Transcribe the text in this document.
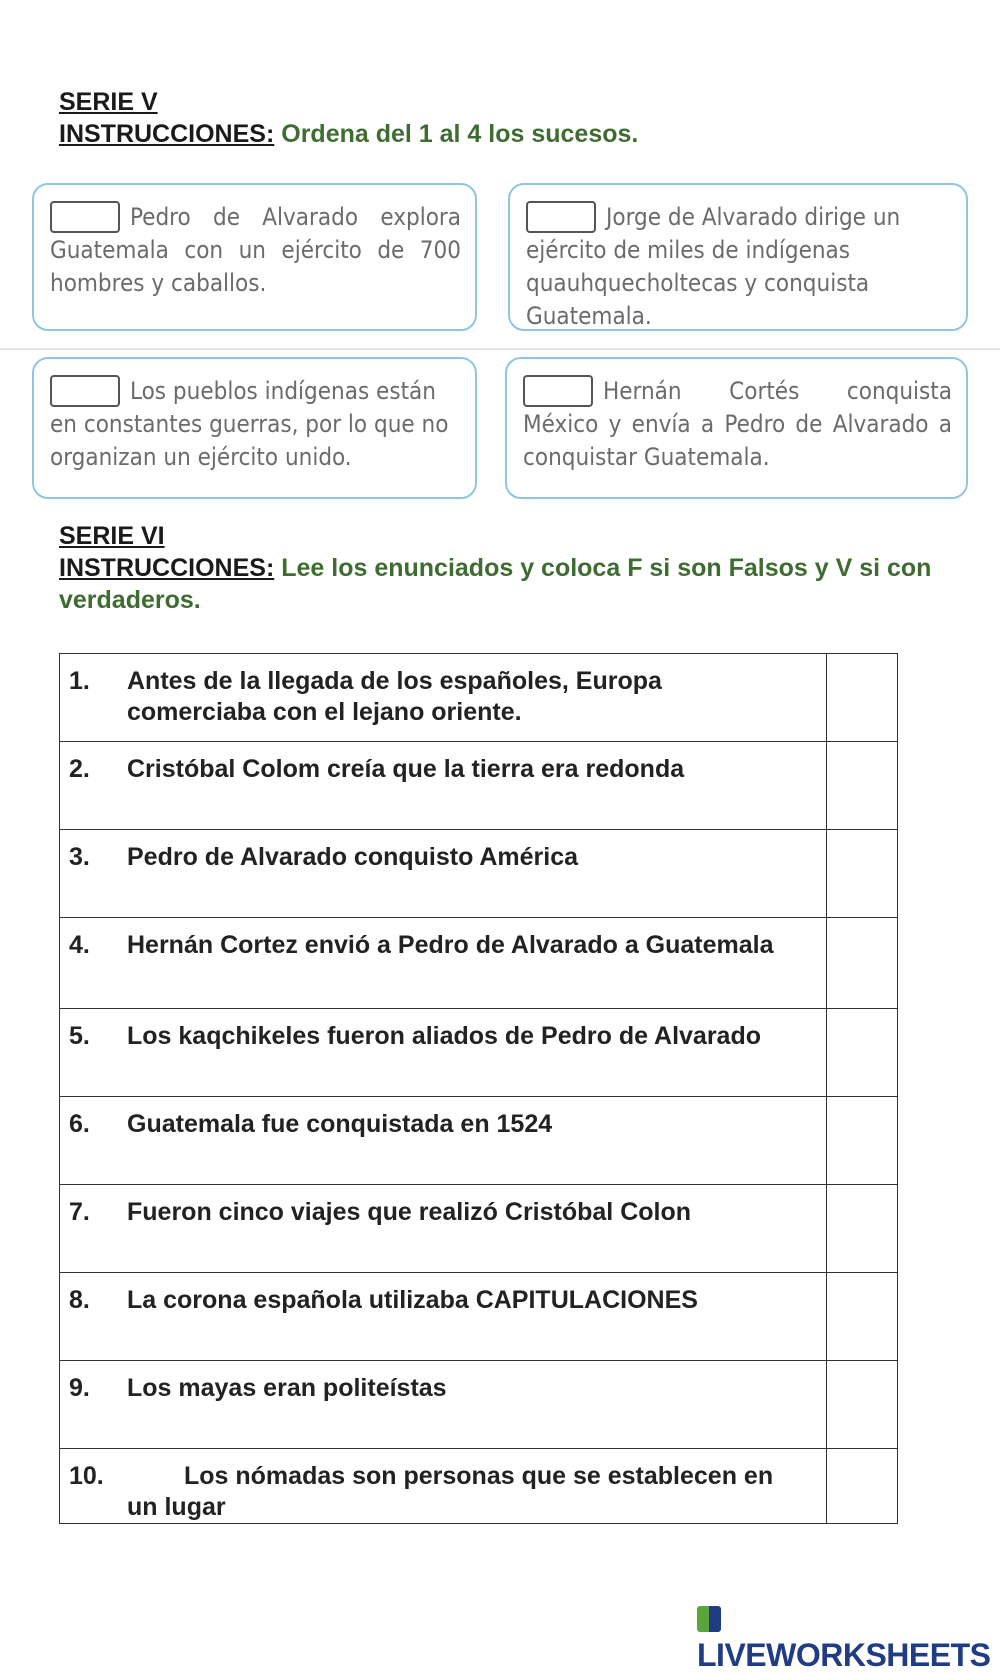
SERIE V
INSTRUCCIONES: Ordena del 1 al 4 los sucesos.
Pedro de Alvarado explora Guatemala con un ejército de 700 hombres y caballos.
Jorge de Alvarado dirige un ejército de miles de indígenas quauhquecholtecas y conquista Guatemala.
Los pueblos indígenas están en constantes guerras, por lo que no organizan un ejército unido.
Hernán Cortés conquista México y envía a Pedro de Alvarado a conquistar Guatemala.
SERIE VI
INSTRUCCIONES: Lee los enunciados y coloca F si son Falsos y V si con verdaderos.
1. Antes de la llegada de los españoles, Europa comerciaba con el lejano oriente.	

2. Cristóbal Colom creía que la tierra era redonda	

3. Pedro de Alvarado conquisto América	

4. Hernán Cortez envió a Pedro de Alvarado a Guatemala	

5. Los kaqchikeles fueron aliados de Pedro de Alvarado	

6. Guatemala fue conquistada en 1524	

7. Fueron cinco viajes que realizó Cristóbal Colon	

8. La corona española utilizaba CAPITULACIONES	

9. Los mayas eran politeístas	

10. Los nómadas son personas que se establecen en un lugar	

LIVEWORKSHEETS
